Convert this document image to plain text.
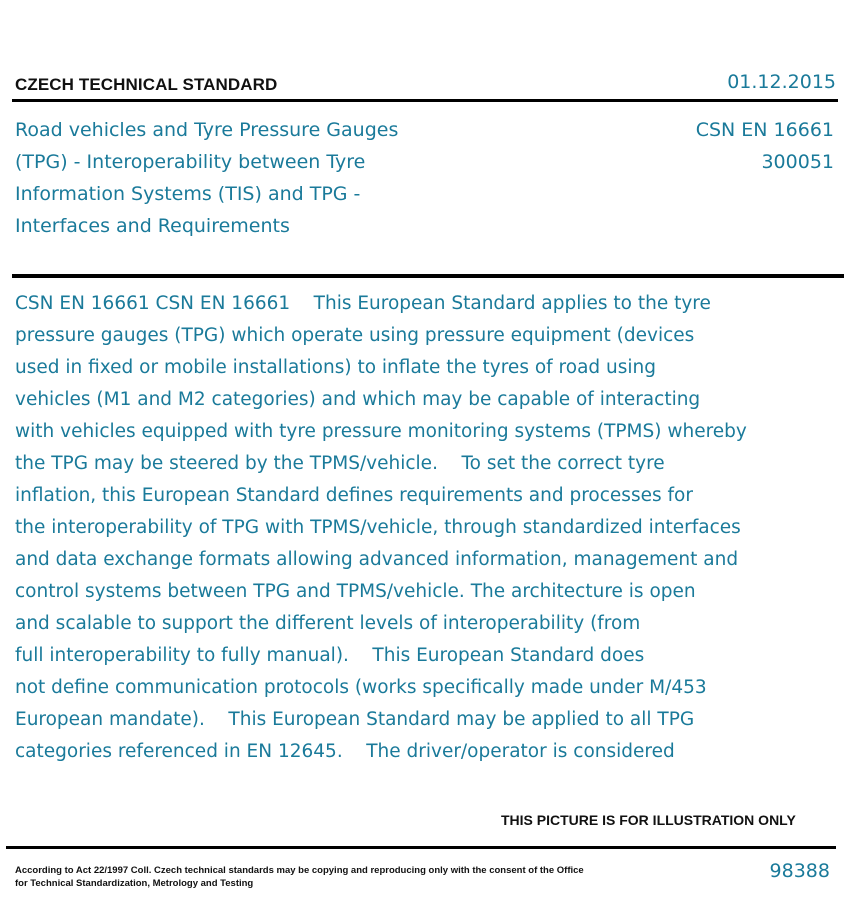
CZECH TECHNICAL STANDARD	01.12.2015
Road vehicles and Tyre Pressure Gauges
(TPG) - Interoperability between Tyre
Information Systems (TIS) and TPG -
Interfaces and Requirements
CSN EN 16661
300051
CSN EN 16661 CSN EN 16661    This European Standard applies to the tyre
pressure gauges (TPG) which operate using pressure equipment (devices
used in fixed or mobile installations) to inflate the tyres of road using
vehicles (M1 and M2 categories) and which may be capable of interacting
with vehicles equipped with tyre pressure monitoring systems (TPMS) whereby
the TPG may be steered by the TPMS/vehicle.    To set the correct tyre
inflation, this European Standard defines requirements and processes for
the interoperability of TPG with TPMS/vehicle, through standardized interfaces
and data exchange formats allowing advanced information, management and
control systems between TPG and TPMS/vehicle. The architecture is open
and scalable to support the different levels of interoperability (from
full interoperability to fully manual).    This European Standard does
not define communication protocols (works specifically made under M/453
European mandate).    This European Standard may be applied to all TPG
categories referenced in EN 12645.    The driver/operator is considered
THIS PICTURE IS FOR ILLUSTRATION ONLY
According to Act 22/1997 Coll. Czech technical standards may be copying and reproducing only with the consent of the Office
for Technical Standardization, Metrology and Testing
98388
